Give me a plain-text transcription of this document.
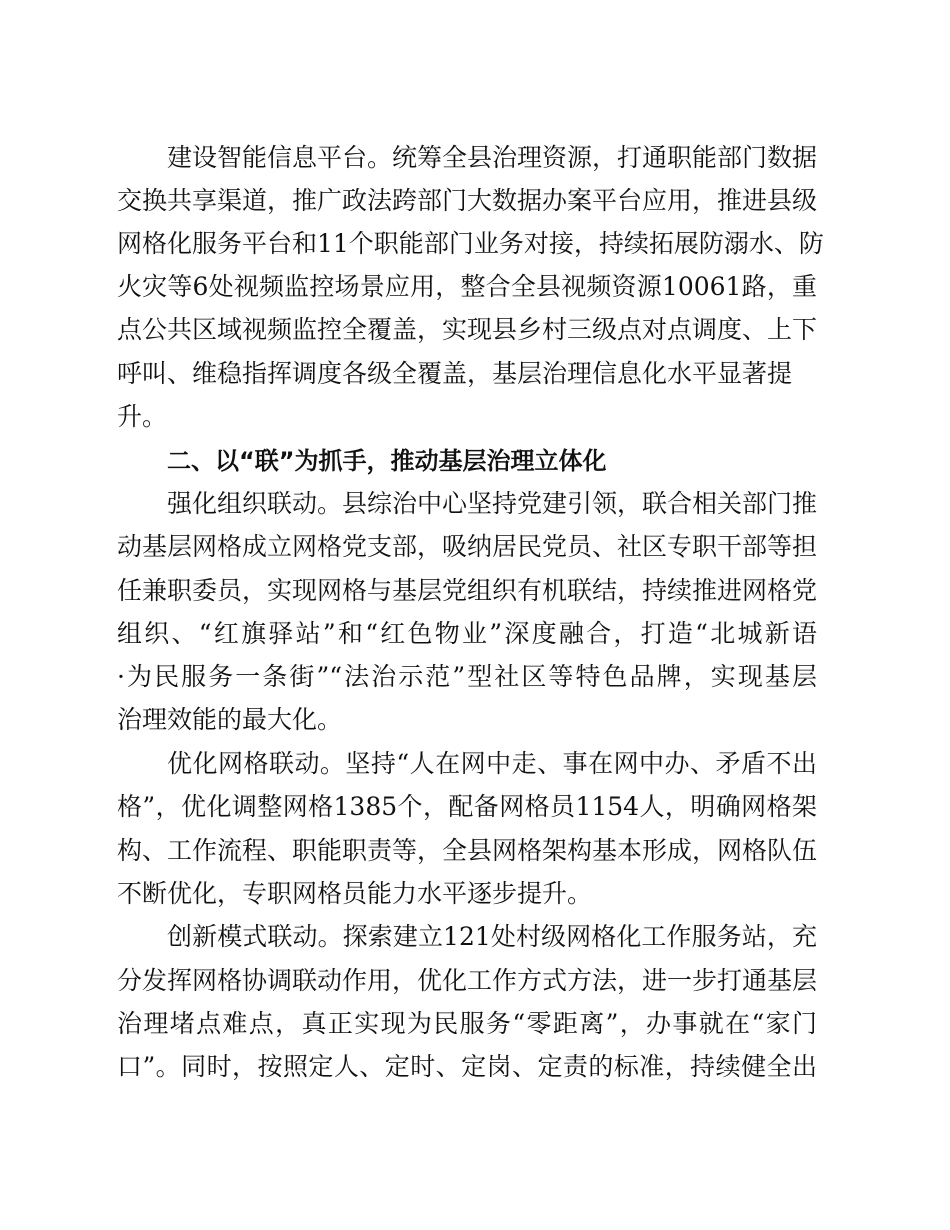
建设智能信息平台。统筹全县治理资源，打通职能部门数据

交换共享渠道，推广政法跨部门大数据办案平台应用，推进县级

网格化服务平台和11个职能部门业务对接，持续拓展防溺水、防

火灾等6处视频监控场景应用，整合全县视频资源10061路，重

点公共区域视频监控全覆盖，实现县乡村三级点对点调度、上下

呼叫、维稳指挥调度各级全覆盖，基层治理信息化水平显著提

升。

二、以“联”为抓手，推动基层治理立体化

强化组织联动。县综治中心坚持党建引领，联合相关部门推

动基层网格成立网格党支部，吸纳居民党员、社区专职干部等担

任兼职委员，实现网格与基层党组织有机联结，持续推进网格党

组织、“红旗驿站”和“红色物业”深度融合，打造“北城新语

·为民服务一条街”“法治示范”型社区等特色品牌，实现基层

治理效能的最大化。

优化网格联动。坚持“人在网中走、事在网中办、矛盾不出

格”，优化调整网格1385个，配备网格员1154人，明确网格架

构、工作流程、职能职责等，全县网格架构基本形成，网格队伍

不断优化，专职网格员能力水平逐步提升。

创新模式联动。探索建立121处村级网格化工作服务站，充

分发挥网格协调联动作用，优化工作方式方法，进一步打通基层

治理堵点难点，真正实现为民服务“零距离”，办事就在“家门

口”。同时，按照定人、定时、定岗、定责的标准，持续健全出
